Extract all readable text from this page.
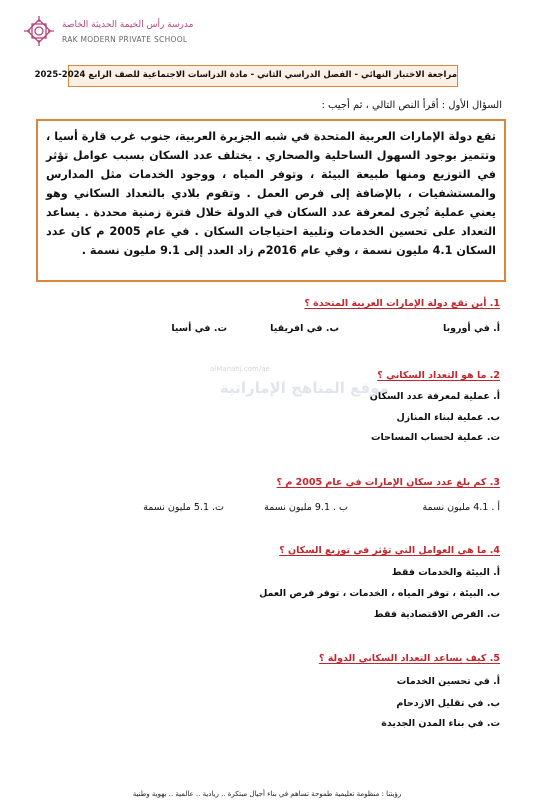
مدرسة رأس الخيمة الحديثة الخاصة
RAK MODERN PRIVATE SCHOOL
مراجعة الاختبار النهائي - الفصل الدراسي الثاني - مادة الدراسات الاجتماعية للصف الرابع 2024-2025
السؤال الأول : أقرأ النص التالي ، ثم أجيب :
تقع دولة الإمارات العربية المتحدة في شبه الجزيرة العربية، جنوب غرب قارة أسيا ، وتتميز بوجود السهول الساحلية والصحاري . يختلف عدد السكان بسبب عوامل تؤثر في التوزيع ومنها طبيعة البيئة ، وتوفر المياه ، ووجود الخدمات مثل المدارس والمستشفيات ، بالإضافة إلى فرص العمل . وتقوم بلادي بالتعداد السكاني وهو يعني عملية تُجرى لمعرفة عدد السكان في الدولة خلال فترة زمنية محددة . يساعد التعداد على تحسين الخدمات وتلبية احتياجات السكان . في عام 2005 م كان عدد السكان 4.1 مليون نسمة ، وفي عام 2016م زاد العدد إلى 9.1 مليون نسمة .
1. أين تقع دولة الإمارات العربية المتحدة ؟
أ. في أوروبا
ب. في افريقيا
ت. في أسيا
2. ما هو التعداد السكاني ؟
أ. عملية لمعرفة عدد السكان
ب. عملية لبناء المنازل
ت. عملية لحساب المساحات
3. كم بلغ عدد سكان الإمارات في عام 2005 م ؟
أ . 4.1 مليون نسمة
ب . 9.1 مليون نسمة
ت. 5.1 مليون نسمة
4. ما هي العوامل التي تؤثر في توزيع السكان ؟
أ. البيئة والخدمات فقط
ب. البيئة ، توفر المياه ، الخدمات ، توفر فرص العمل
ت. الفرص الاقتصادية فقط
5. كيف يساعد التعداد السكاني الدولة ؟
أ. في تحسين الخدمات
ب. في تقليل الازدحام
ت. في بناء المدن الجديدة
alManahj.com/ae
موقع المناهج الإماراتية
رؤيتنا : منظومة تعليمية طموحة تساهم في بناء أجيال مبتكرة .. ريادية .. عالمية .. بهوية وطنية
